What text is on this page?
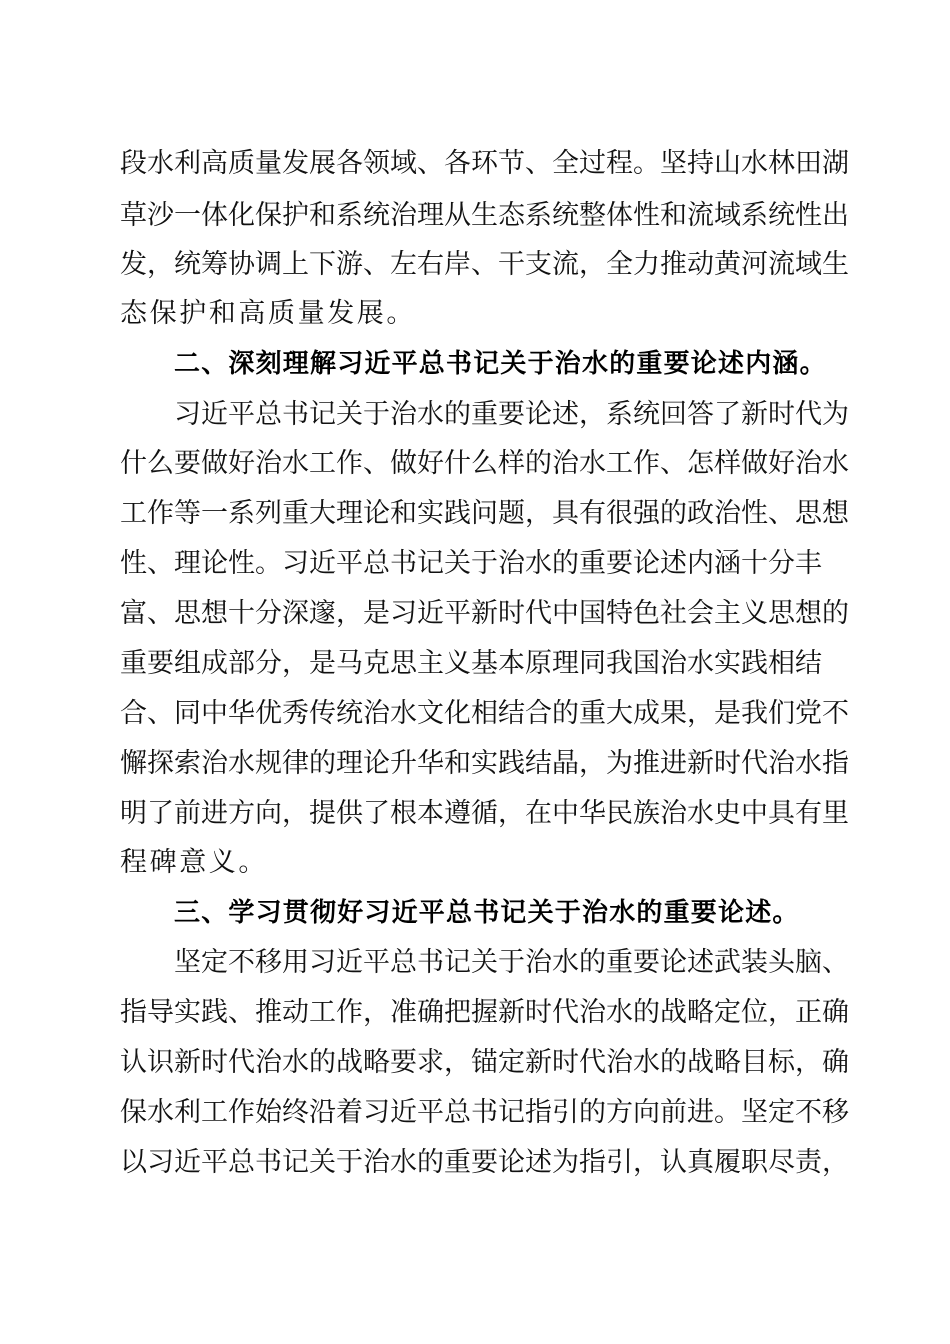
段水利高质量发展各领域、各环节、全过程。坚持山水林田湖
草沙一体化保护和系统治理从生态系统整体性和流域系统性出
发，统筹协调上下游、左右岸、干支流，全力推动黄河流域生
态保护和高质量发展。
二、深刻理解习近平总书记关于治水的重要论述内涵。
习近平总书记关于治水的重要论述，系统回答了新时代为
什么要做好治水工作、做好什么样的治水工作、怎样做好治水
工作等一系列重大理论和实践问题，具有很强的政治性、思想
性、理论性。习近平总书记关于治水的重要论述内涵十分丰
富、思想十分深邃，是习近平新时代中国特色社会主义思想的
重要组成部分，是马克思主义基本原理同我国治水实践相结
合、同中华优秀传统治水文化相结合的重大成果，是我们党不
懈探索治水规律的理论升华和实践结晶，为推进新时代治水指
明了前进方向，提供了根本遵循，在中华民族治水史中具有里
程碑意义。
三、学习贯彻好习近平总书记关于治水的重要论述。
坚定不移用习近平总书记关于治水的重要论述武装头脑、
指导实践、推动工作，准确把握新时代治水的战略定位，正确
认识新时代治水的战略要求，锚定新时代治水的战略目标，确
保水利工作始终沿着习近平总书记指引的方向前进。坚定不移
以习近平总书记关于治水的重要论述为指引，认真履职尽责，
